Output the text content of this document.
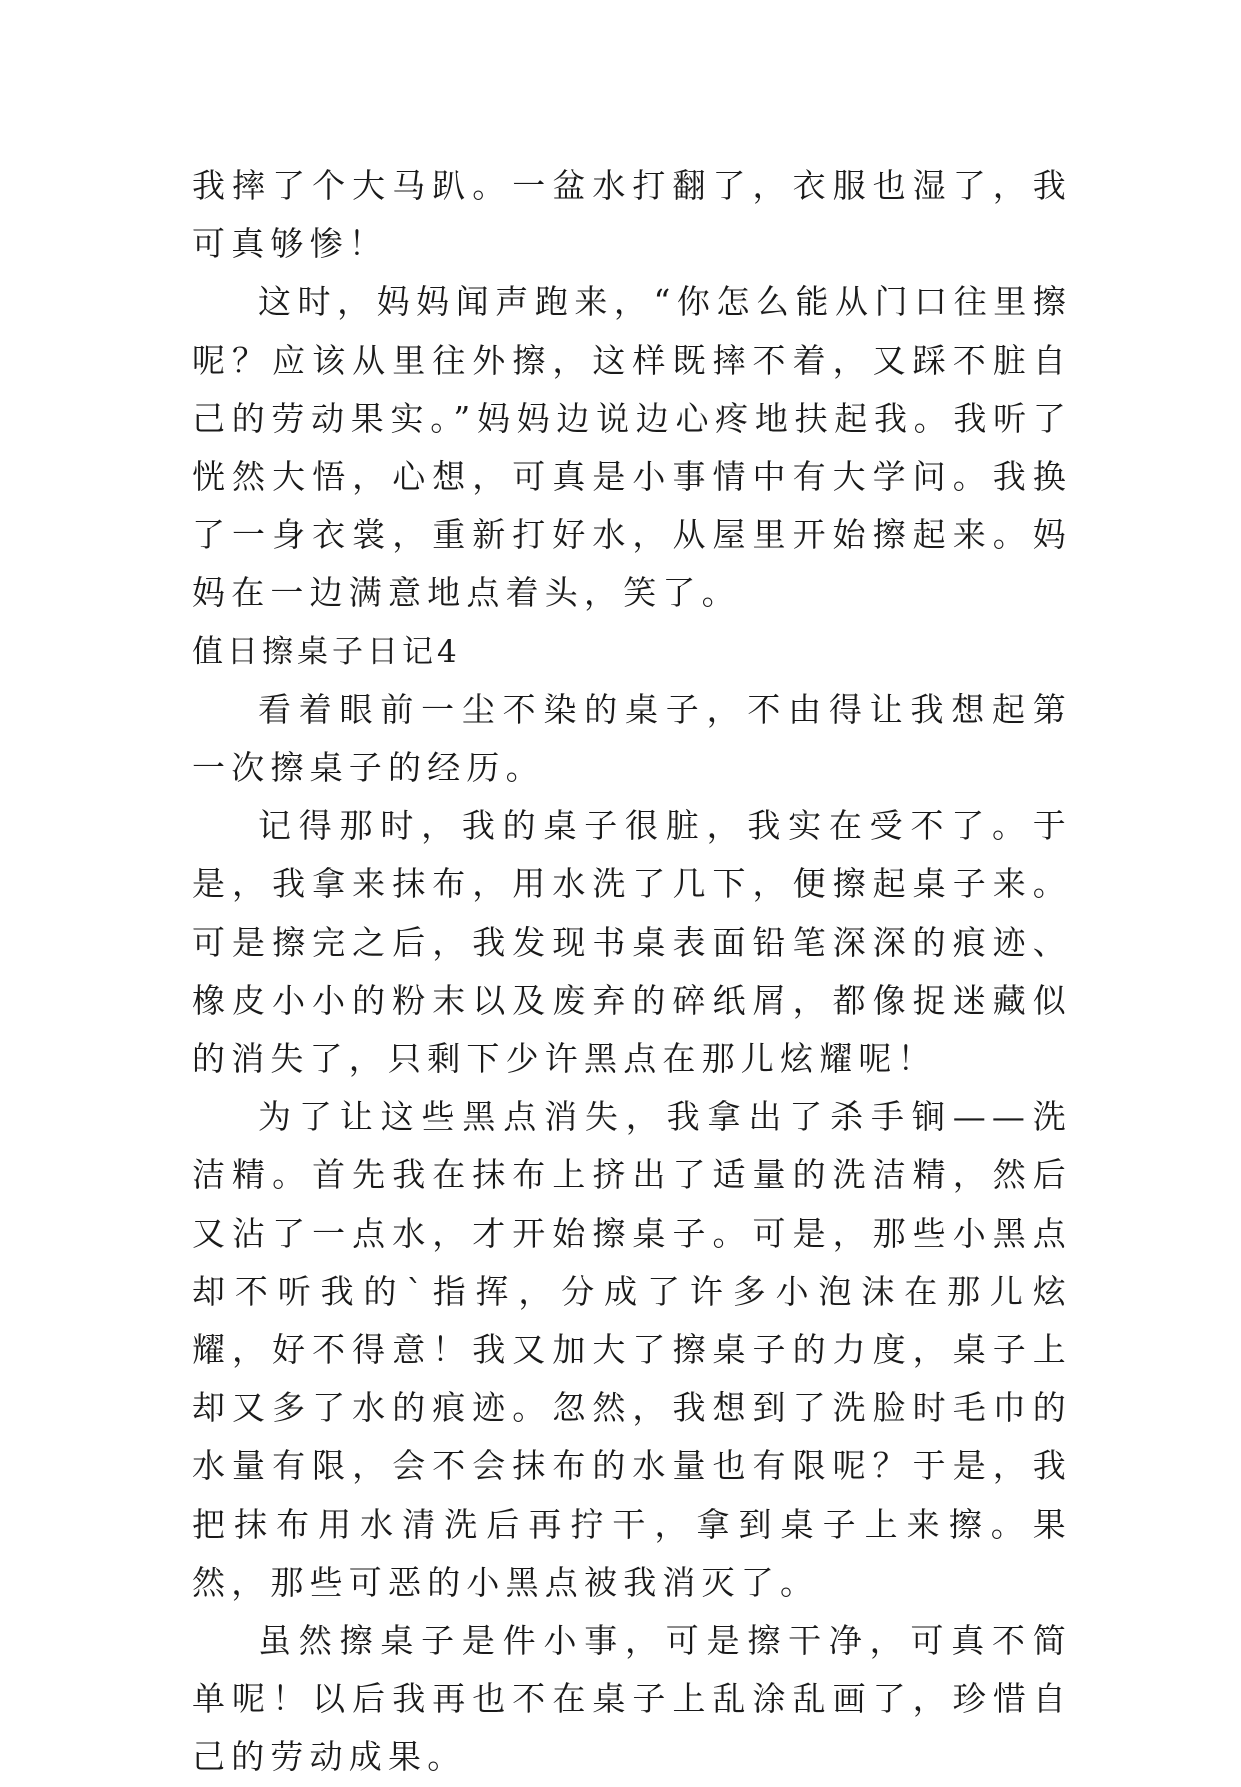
我摔了个大马趴。一盆水打翻了，衣服也湿了，我可真够惨！

这时，妈妈闻声跑来，“你怎么能从门口往里擦呢？应该从里往外擦，这样既摔不着，又踩不脏自己的劳动果实。”妈妈边说边心疼地扶起我。我听了恍然大悟，心想，可真是小事情中有大学问。我换了一身衣裳，重新打好水，从屋里开始擦起来。妈妈在一边满意地点着头，笑了。

值日擦桌子日记4

看着眼前一尘不染的桌子，不由得让我想起第一次擦桌子的经历。

记得那时，我的桌子很脏，我实在受不了。于是，我拿来抹布，用水洗了几下，便擦起桌子来。可是擦完之后，我发现书桌表面铅笔深深的痕迹、橡皮小小的粉末以及废弃的碎纸屑，都像捉迷藏似的消失了，只剩下少许黑点在那儿炫耀呢！

为了让这些黑点消失，我拿出了杀手锏——洗洁精。首先我在抹布上挤出了适量的洗洁精，然后又沾了一点水，才开始擦桌子。可是，那些小黑点却不听我的`指挥，分成了许多小泡沫在那儿炫耀，好不得意！我又加大了擦桌子的力度，桌子上却又多了水的痕迹。忽然，我想到了洗脸时毛巾的水量有限，会不会抹布的水量也有限呢？于是，我把抹布用水清洗后再拧干，拿到桌子上来擦。果然，那些可恶的小黑点被我消灭了。

虽然擦桌子是件小事，可是擦干净，可真不简单呢！以后我再也不在桌子上乱涂乱画了，珍惜自己的劳动成果。
